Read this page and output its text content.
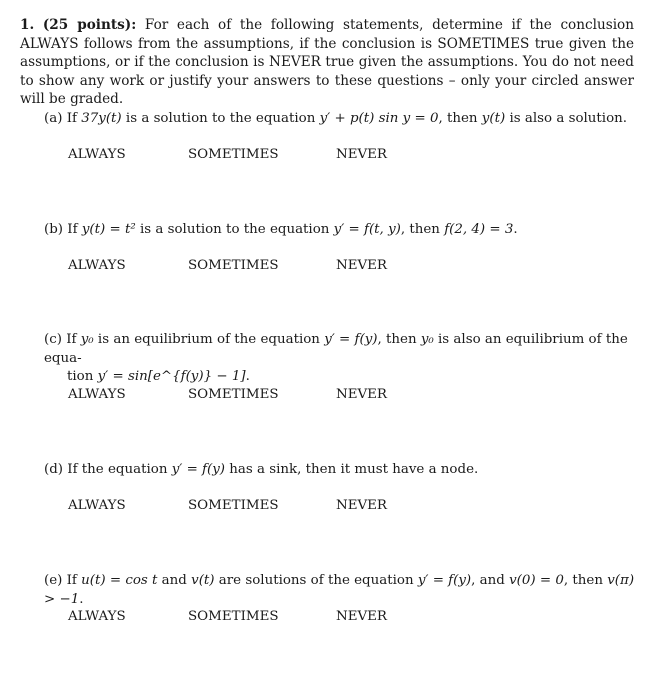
1. (25 points): For each of the following statements, determine if the conclusion ALWAYS follows from the assumptions, if the conclusion is SOMETIMES true given the assumptions, or if the conclusion is NEVER true given the assumptions. You do not need to show any work or justify your answers to these questions – only your circled answer will be graded.
(a) If 37y(t) is a solution to the equation y′ + p(t) sin y = 0, then y(t) is also a solution.
ALWAYS	SOMETIMES	NEVER
(b) If y(t) = t² is a solution to the equation y′ = f(t, y), then f(2, 4) = 3.
ALWAYS	SOMETIMES	NEVER
(c) If y₀ is an equilibrium of the equation y′ = f(y), then y₀ is also an equilibrium of the equa-
tion y′ = sin[e^{f(y)} − 1].
ALWAYS	SOMETIMES	NEVER
(d) If the equation y′ = f(y) has a sink, then it must have a node.
ALWAYS	SOMETIMES	NEVER
(e) If u(t) = cos t and v(t) are solutions of the equation y′ = f(y), and v(0) = 0, then v(π) > −1.
ALWAYS	SOMETIMES	NEVER
